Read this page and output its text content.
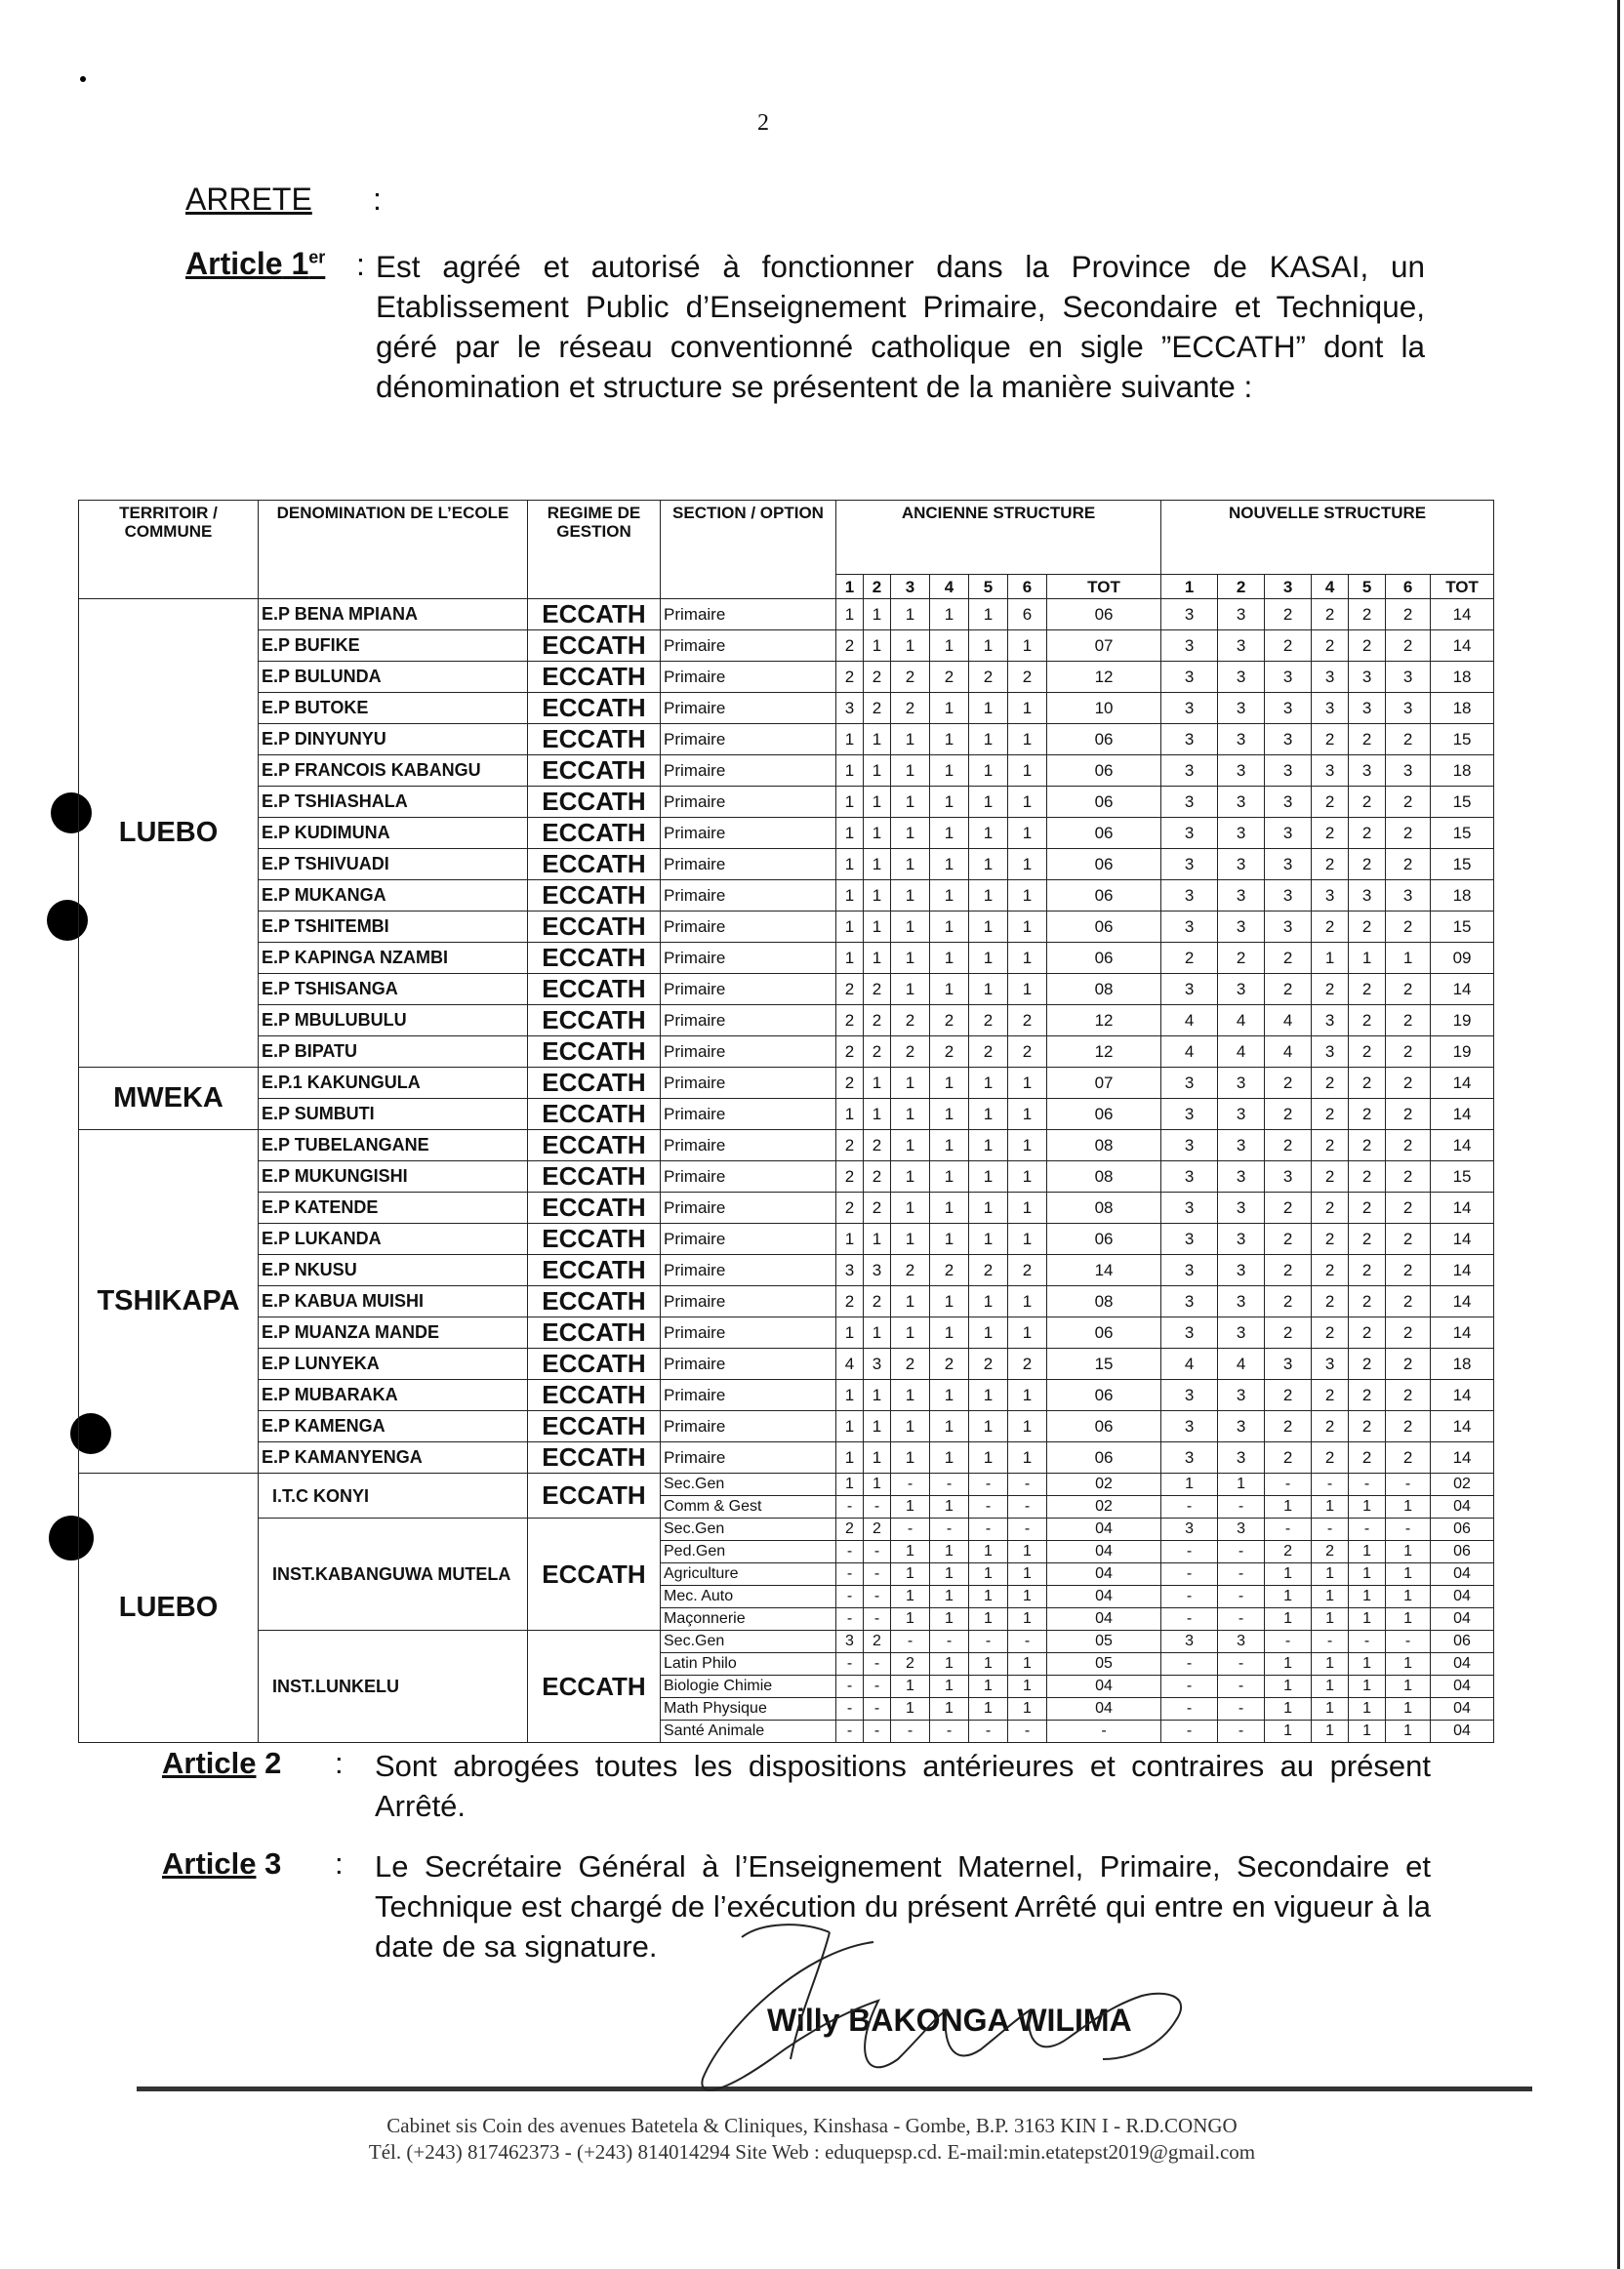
2
ARRETE :
Article 1er : Est agréé et autorisé à fonctionner dans la Province de KASAI, un Etablissement Public d’Enseignement Primaire, Secondaire et Technique, géré par le réseau conventionné catholique en sigle ”ECCATH” dont la dénomination et structure se présentent de la manière suivante :
TERRITOIR / COMMUNE	DENOMINATION DE L’ECOLE	REGIME DE GESTION	SECTION / OPTION	ANCIENNE STRUCTURE							NOUVELLE STRUCTURE						
				1	2	3	4	5	6	TOT	1	2	3	4	5	6	TOT
LUEBO	E.P BENA MPIANA	ECCATH	Primaire	1	1	1	1	1	6	06	3	3	2	2	2	2	14
	E.P BUFIKE	ECCATH	Primaire	2	1	1	1	1	1	07	3	3	2	2	2	2	14
	E.P BULUNDA	ECCATH	Primaire	2	2	2	2	2	2	12	3	3	3	3	3	3	18
	E.P BUTOKE	ECCATH	Primaire	3	2	2	1	1	1	10	3	3	3	3	3	3	18
	E.P DINYUNYU	ECCATH	Primaire	1	1	1	1	1	1	06	3	3	3	2	2	2	15
	E.P FRANCOIS KABANGU	ECCATH	Primaire	1	1	1	1	1	1	06	3	3	3	3	3	3	18
	E.P TSHIASHALA	ECCATH	Primaire	1	1	1	1	1	1	06	3	3	3	2	2	2	15
	E.P KUDIMUNA	ECCATH	Primaire	1	1	1	1	1	1	06	3	3	3	2	2	2	15
	E.P TSHIVUADI	ECCATH	Primaire	1	1	1	1	1	1	06	3	3	3	2	2	2	15
	E.P MUKANGA	ECCATH	Primaire	1	1	1	1	1	1	06	3	3	3	3	3	3	18
	E.P TSHITEMBI	ECCATH	Primaire	1	1	1	1	1	1	06	3	3	3	2	2	2	15
	E.P KAPINGA NZAMBI	ECCATH	Primaire	1	1	1	1	1	1	06	2	2	2	1	1	1	09
	E.P TSHISANGA	ECCATH	Primaire	2	2	1	1	1	1	08	3	3	2	2	2	2	14
	E.P MBULUBULU	ECCATH	Primaire	2	2	2	2	2	2	12	4	4	4	3	2	2	19
	E.P BIPATU	ECCATH	Primaire	2	2	2	2	2	2	12	4	4	4	3	2	2	19
MWEKA	E.P.1 KAKUNGULA	ECCATH	Primaire	2	1	1	1	1	1	07	3	3	2	2	2	2	14
	E.P SUMBUTI	ECCATH	Primaire	1	1	1	1	1	1	06	3	3	2	2	2	2	14
TSHIKAPA	E.P TUBELANGANE	ECCATH	Primaire	2	2	1	1	1	1	08	3	3	2	2	2	2	14
	E.P MUKUNGISHI	ECCATH	Primaire	2	2	1	1	1	1	08	3	3	3	2	2	2	15
	E.P KATENDE	ECCATH	Primaire	2	2	1	1	1	1	08	3	3	2	2	2	2	14
	E.P LUKANDA	ECCATH	Primaire	1	1	1	1	1	1	06	3	3	2	2	2	2	14
	E.P NKUSU	ECCATH	Primaire	3	3	2	2	2	2	14	3	3	2	2	2	2	14
	E.P KABUA MUISHI	ECCATH	Primaire	2	2	1	1	1	1	08	3	3	2	2	2	2	14
	E.P MUANZA MANDE	ECCATH	Primaire	1	1	1	1	1	1	06	3	3	2	2	2	2	14
	E.P LUNYEKA	ECCATH	Primaire	4	3	2	2	2	2	15	4	4	3	3	2	2	18
	E.P MUBARAKA	ECCATH	Primaire	1	1	1	1	1	1	06	3	3	2	2	2	2	14
	E.P KAMENGA	ECCATH	Primaire	1	1	1	1	1	1	06	3	3	2	2	2	2	14
	E.P KAMANYENGA	ECCATH	Primaire	1	1	1	1	1	1	06	3	3	2	2	2	2	14
LUEBO	I.T.C KONYI	ECCATH	Sec.Gen	1	1	-	-	-	-	02	1	1	-	-	-	-	02
			Comm & Gest	-	-	1	1	-	-	02	-	-	1	1	1	1	04
	INST.KABANGUWA MUTELA	ECCATH	Sec.Gen	2	2	-	-	-	-	04	3	3	-	-	-	-	06
			Ped.Gen	-	-	1	1	1	1	04	-	-	2	2	1	1	06
			Agriculture	-	-	1	1	1	1	04	-	-	1	1	1	1	04
			Mec. Auto	-	-	1	1	1	1	04	-	-	1	1	1	1	04
			Maçonnerie	-	-	1	1	1	1	04	-	-	1	1	1	1	04
	INST.LUNKELU	ECCATH	Sec.Gen	3	2	-	-	-	-	05	3	3	-	-	-	-	06
			Latin Philo	-	-	2	1	1	1	05	-	-	1	1	1	1	04
			Biologie Chimie	-	-	1	1	1	1	04	-	-	1	1	1	1	04
			Math Physique	-	-	1	1	1	1	04	-	-	1	1	1	1	04
			Santé Animale	-	-	-	-	-	-	-	-	-	1	1	1	1	04
Article 2 : Sont abrogées toutes les dispositions antérieures et contraires au présent Arrêté.
Article 3 : Le Secrétaire Général à l’Enseignement Maternel, Primaire, Secondaire et Technique est chargé de l’exécution du présent Arrêté qui entre en vigueur à la date de sa signature.
Willy BAKONGA WILIMA
Cabinet sis Coin des avenues Batetela & Cliniques, Kinshasa - Gombe, B.P. 3163 KIN I - R.D.CONGO
Tél. (+243) 817462373 - (+243) 814014294 Site Web : eduquepsp.cd. E-mail:min.etatepst2019@gmail.com
